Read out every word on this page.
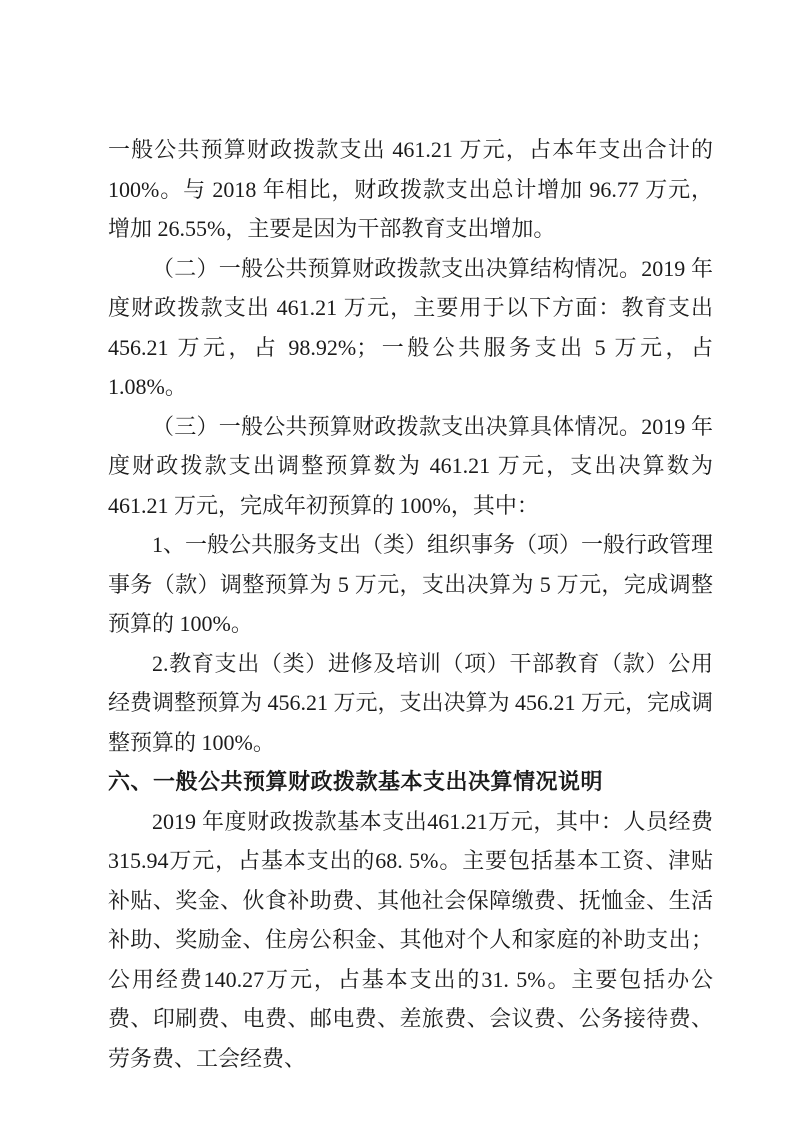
一般公共预算财政拨款支出 461.21 万元，占本年支出合计的 100%。与 2018 年相比，财政拨款支出总计增加 96.77 万元，增加 26.55%，主要是因为干部教育支出增加。

（二）一般公共预算财政拨款支出决算结构情况。2019 年度财政拨款支出 461.21 万元，主要用于以下方面：教育支出 456.21 万元，占 98.92%；一般公共服务支出 5 万元，占 1.08%。

（三）一般公共预算财政拨款支出决算具体情况。2019 年度财政拨款支出调整预算数为 461.21 万元，支出决算数为 461.21 万元，完成年初预算的 100%，其中：

1、一般公共服务支出（类）组织事务（项）一般行政管理事务（款）调整预算为 5 万元，支出决算为 5 万元，完成调整预算的 100%。

2.教育支出（类）进修及培训（项）干部教育（款）公用经费调整预算为 456.21 万元，支出决算为 456.21 万元，完成调整预算的 100%。

六、一般公共预算财政拨款基本支出决算情况说明

2019 年度财政拨款基本支出461.21万元，其中：人员经费315.94万元，占基本支出的68. 5%。主要包括基本工资、津贴补贴、奖金、伙食补助费、其他社会保障缴费、抚恤金、生活补助、奖励金、住房公积金、其他对个人和家庭的补助支出；公用经费140.27万元，占基本支出的31. 5%。主要包括办公费、印刷费、电费、邮电费、差旅费、会议费、公务接待费、劳务费、工会经费、
